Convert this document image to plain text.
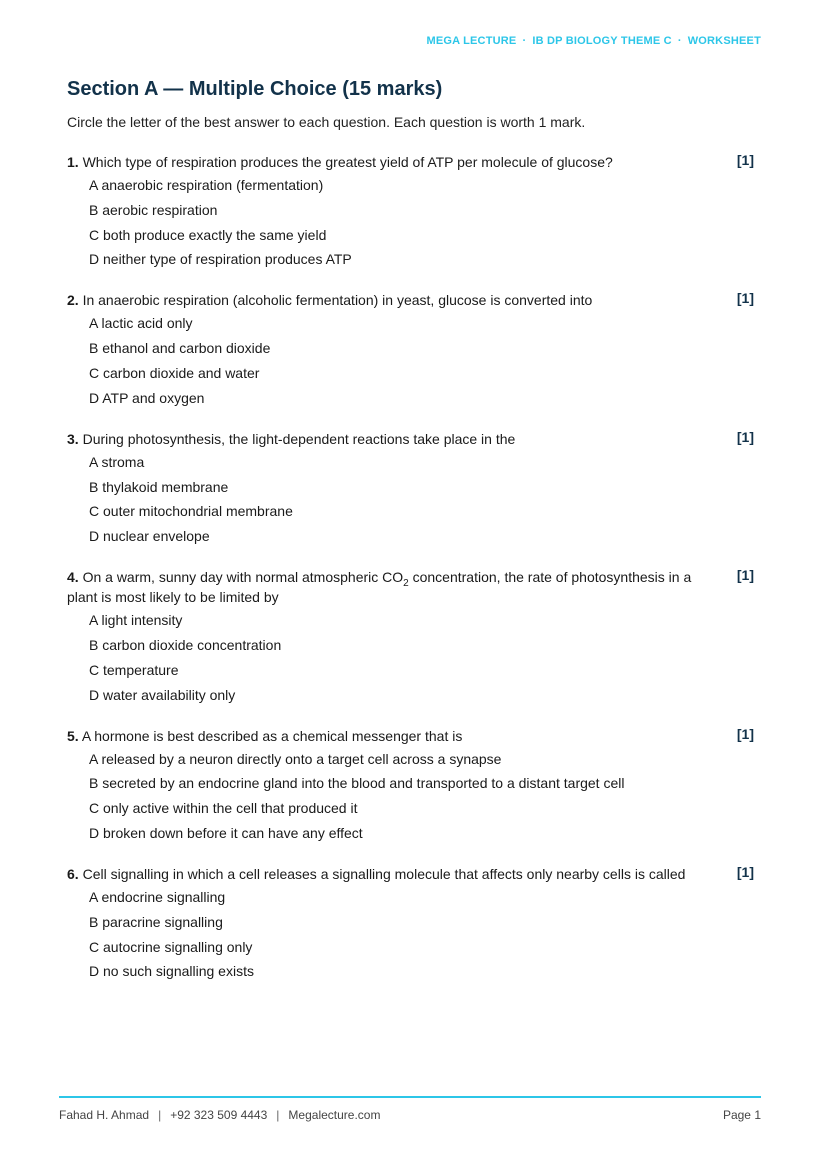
MEGA LECTURE · IB DP BIOLOGY THEME C · WORKSHEET
Section A — Multiple Choice (15 marks)

Circle the letter of the best answer to each question. Each question is worth 1 mark.

1. Which type of respiration produces the greatest yield of ATP per molecule of glucose?	[1]
A anaerobic respiration (fermentation)
B aerobic respiration
C both produce exactly the same yield
D neither type of respiration produces ATP
2. In anaerobic respiration (alcoholic fermentation) in yeast, glucose is converted into	[1]
A lactic acid only
B ethanol and carbon dioxide
C carbon dioxide and water
D ATP and oxygen
3. During photosynthesis, the light-dependent reactions take place in the	[1]
A stroma
B thylakoid membrane
C outer mitochondrial membrane
D nuclear envelope
4. On a warm, sunny day with normal atmospheric $CO_2$ concentration, the rate of photosynthesis in a plant is most likely to be limited by
[1]
A light intensity
B carbon dioxide concentration
C temperature
D water availability only
5. A hormone is best described as a chemical messenger that is	[1]
A released by a neuron directly onto a target cell across a synapse
B secreted by an endocrine gland into the blood and transported to a distant target cell
C only active within the cell that produced it
D broken down before it can have any effect
6. Cell signalling in which a cell releases a signalling molecule that affects only nearby cells is called	[1]
A endocrine signalling
B paracrine signalling
C autocrine signalling only
D no such signalling exists
Fahad H. Ahmad | +92 323 509 4443 | Megalecture.com	Page 1
